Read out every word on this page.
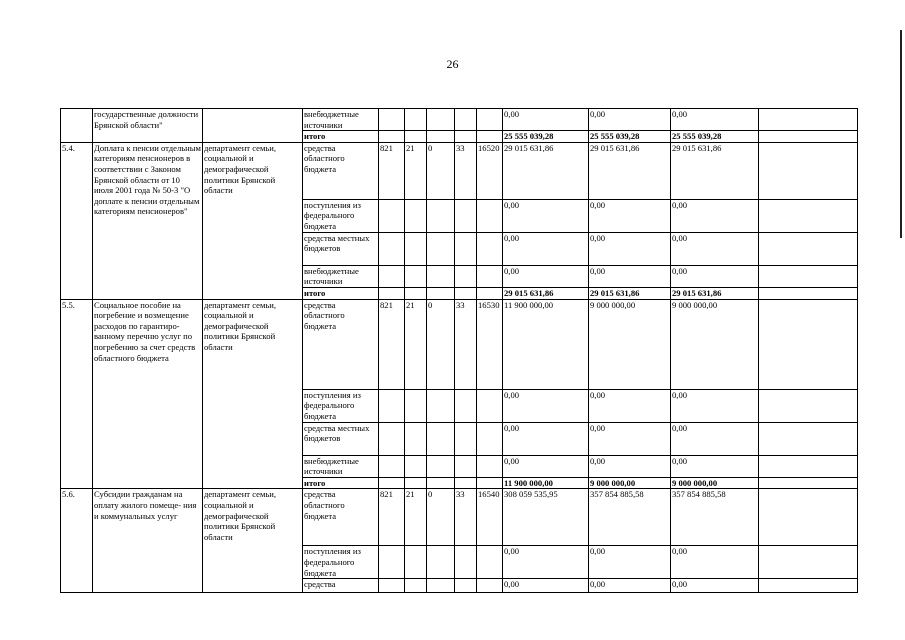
26
	государственные должности Брянской области"		внебюджетные источники						0,00	0,00	0,00	
			итого						25 555 039,28	25 555 039,28	25 555 039,28	
5.4.	Доплата к пенсии отдельным категориям пенсионеров в соответствии с Законом Брянской области от 10 июля 2001 года № 50-3 "О доплате к пенсии отдельным категориям пенсионеров"	департамент семьи, социальной и демографической политики Брянской области	средства областного бюджета	821	21	0	33	16520	29 015 631,86	29 015 631,86	29 015 631,86	
			поступления из федерального бюджета						0,00	0,00	0,00	
			средства местных бюджетов						0,00	0,00	0,00	
			внебюджетные источники						0,00	0,00	0,00	
			итого						29 015 631,86	29 015 631,86	29 015 631,86	
5.5.	Социальное пособие на погребение и возмещение расходов по гарантиро- ванному перечню услуг по погребению за счет средств областного бюджета	департамент семьи, социальной и демографической политики Брянской области	средства областного бюджета	821	21	0	33	16530	11 900 000,00	9 000 000,00	9 000 000,00	
			поступления из федерального бюджета						0,00	0,00	0,00	
			средства местных бюджетов						0,00	0,00	0,00	
			внебюджетные источники						0,00	0,00	0,00	
			итого						11 900 000,00	9 000 000,00	9 000 000,00	
5.6.	Субсидии гражданам на оплату жилого помеще- ния и коммунальных услуг	департамент семьи, социальной и демографической политики Брянской области	средства областного бюджета	821	21	0	33	16540	308 059 535,95	357 854 885,58	357 854 885,58	
			поступления из федерального бюджета						0,00	0,00	0,00	
			средства						0,00	0,00	0,00	
